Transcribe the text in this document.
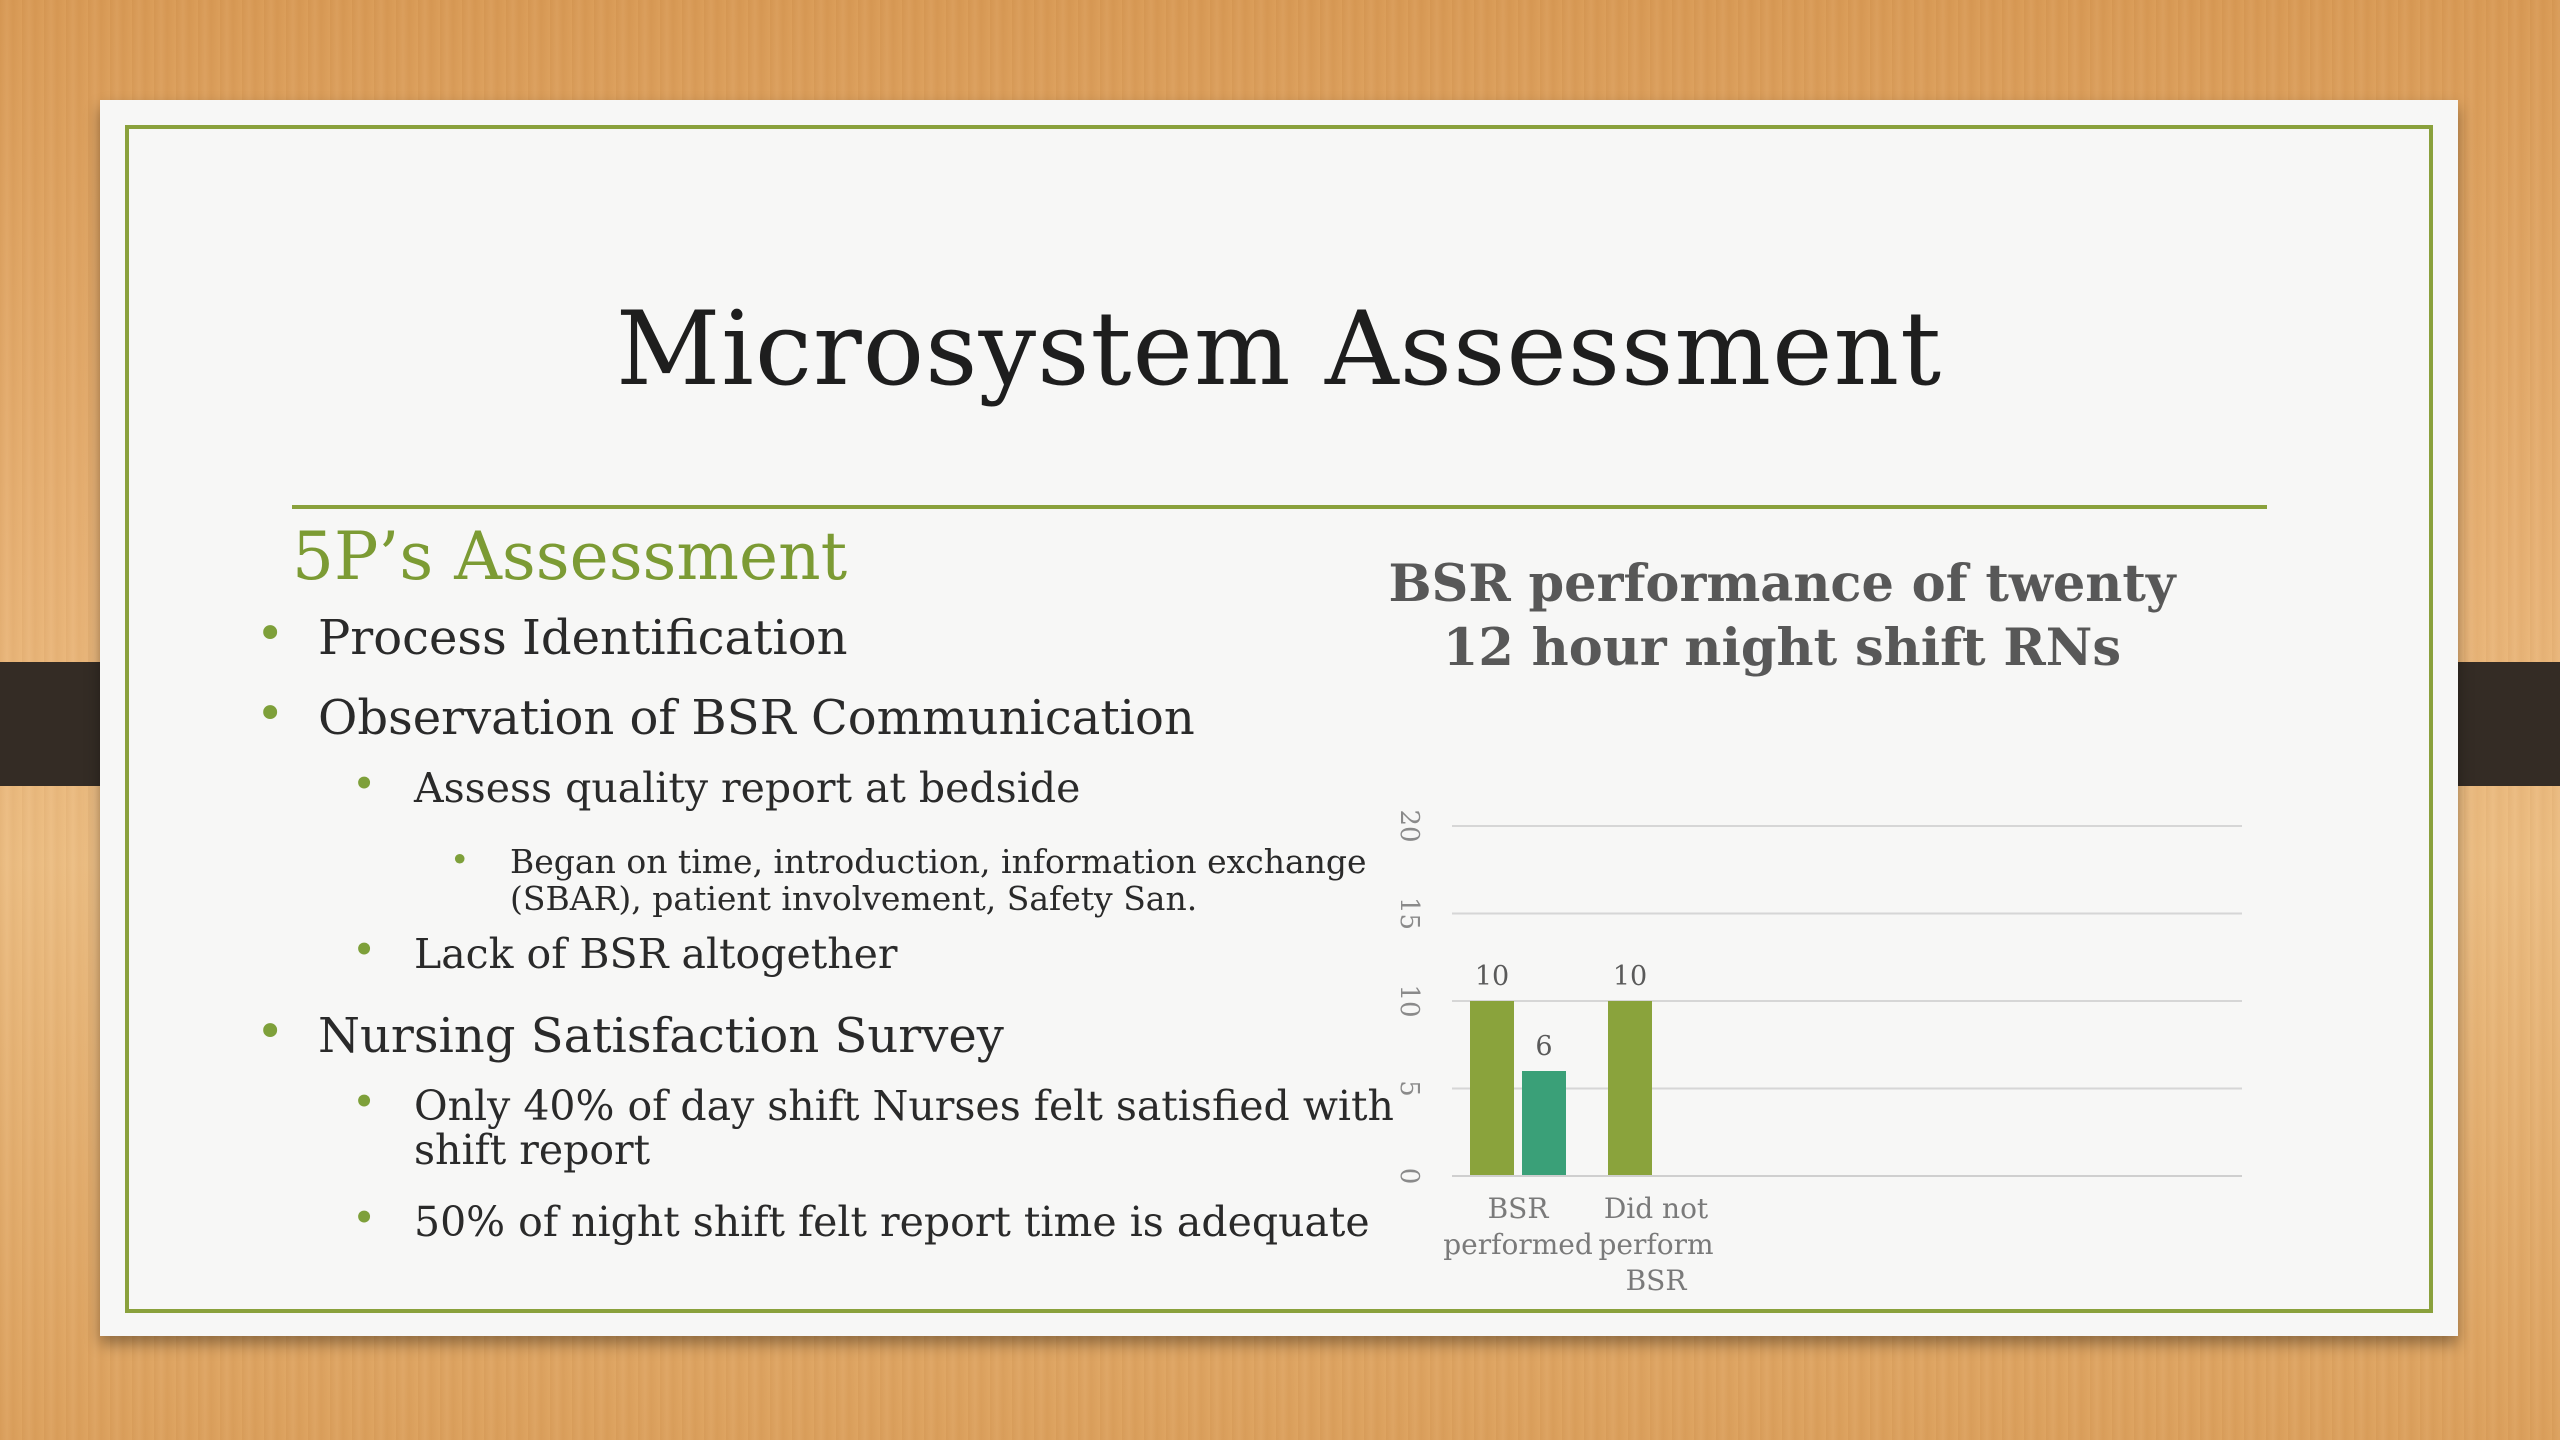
Microsystem Assessment
5P’s Assessment
• Process Identification
• Observation of BSR Communication
• Assess quality report at bedside
• Began on time, introduction, information exchange
(SBAR), patient involvement, Safety San.
• Lack of BSR altogether
• Nursing Satisfaction Survey
• Only 40% of day shift Nurses felt satisfied with
shift report
• 50% of night shift felt report time is adequate
BSR performance of twenty
12 hour night shift RNs
0
5
10
15
20
10
6
BSR performed
10
Did not perform BSR
